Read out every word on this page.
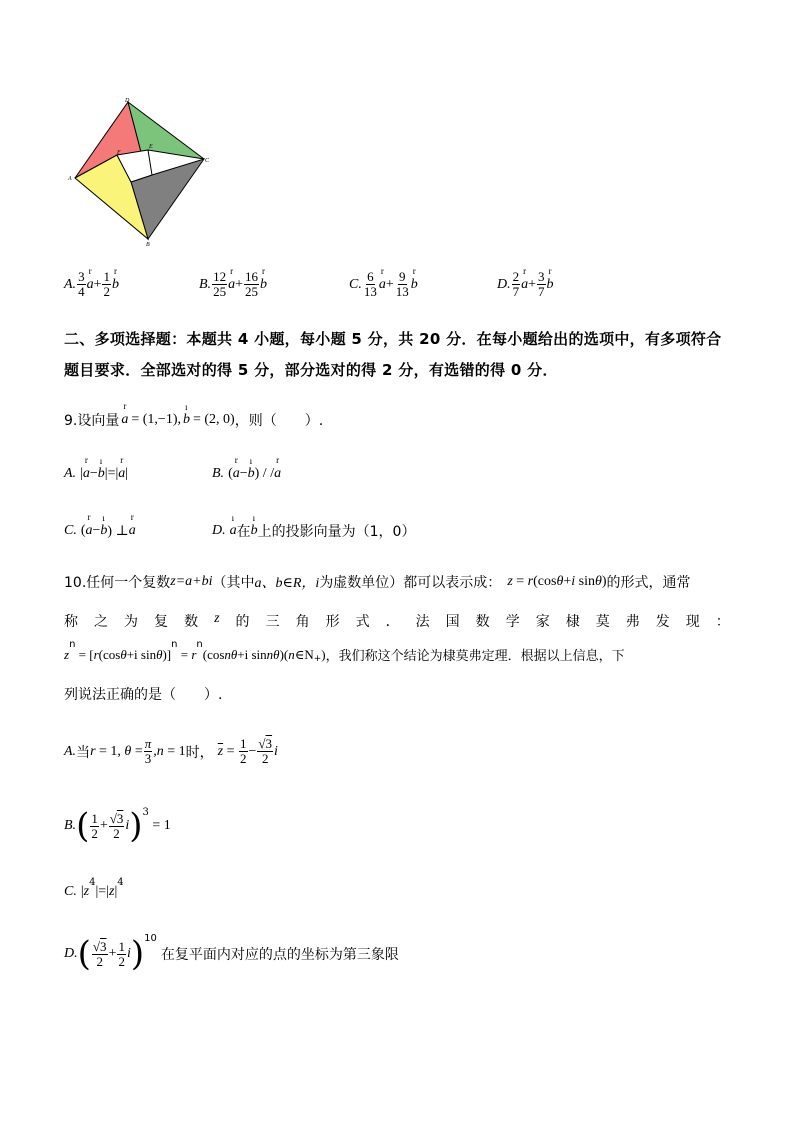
D
A
B
C
F
E
A. $\frac{3}{4}$ r $a + \frac{1}{2}$ r b	B. $\frac{12}{25}$ r $a + \frac{16}{25}$ r b	C. $\frac{6}{13}$ r $a + \frac{9}{13}$ r b	D. $\frac{2}{7}$ r $a + \frac{3}{7}$ r b
二、多项选择题：本题共 4 小题，每小题 5 分，共 20 分．在每小题给出的选项中，有多项符合
题目要求．全部选对的得 5 分，部分选对的得 2 分，有选错的得 0 分．
9.设向量 r a = (1,−1), ı b = (2, 0) ，则（　　）.
A. | r a − ı b |=| r a |	B. ( r a − ı b ) / / r a
C. ( r a − ı b ) ⊥ r a	D. ı a 在 ı b 上的投影向量为（1，0）
10.任何一个复数 z=a+bi （其中 a、b∈R，i 为虚数单位）都可以表示成： z = r (cos θ + i sin θ ) 的形式，通常
称 之 为 复 数 z 的 三 角 形 式 ． 法 国 数 学 家 棣 莫 弗 发 现 ：
z
n
= [ r (cos θ +i sin θ )]
n
= r
n
(cos nθ +i sin nθ )( n ∈N + ) ，我们称这个结论为棣莫弗定理．根据以上信息，下
列说法正确的是（　　）.
A. 当 r = 1, $\theta = \frac{\pi}{3}$ , n = 1 时， $\overline{z} = \frac{1}{2} - \frac{√3}{2}$ i
B. ( $\frac{1}{2} + \frac{√3}{2}$ i ) 3
= 1
C. | z
4
|=| z |
4
D. ( $\frac{√3}{2} + \frac{1}{2}$ i ) 10
在复平面内对应的点的坐标为第三象限
